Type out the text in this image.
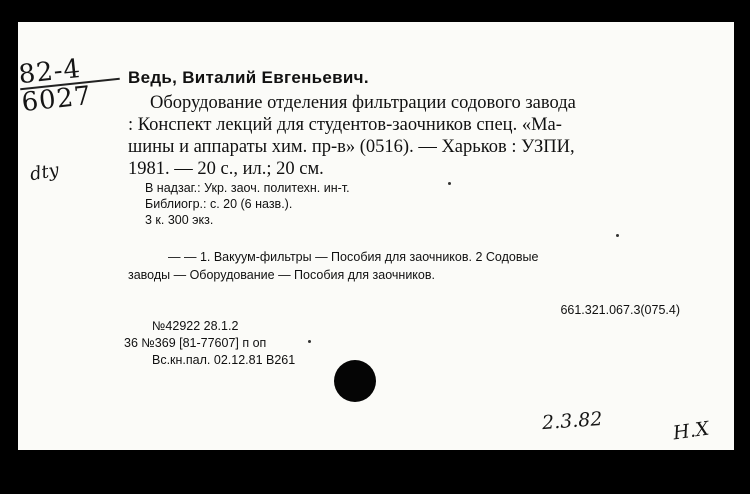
82-4
6027
dty
Ведь, Виталий Евгеньевич.
Оборудование отделения фильтрации содового завода
: Конспект лекций для студентов-заочников спец. «Ма-
шины и аппараты хим. пр-в» (0516). — Харьков : УЗПИ,
1981. — 20 с., ил.; 20 см.
В надзаг.: Укр. заоч. политехн. ин-т.
Библиогр.: с. 20 (6 назв.).
3 к. 300 экз.
— — 1. Вакуум-фильтры — Пособия для заочников. 2 Содовые
заводы — Оборудование — Пособия для заочников.
661.321.067.3(075.4)
№42922 28.1.2
36 №369 [81-77607] п оп
Вс.кн.пал. 02.12.81 В261
2.3.82	Н.Х
